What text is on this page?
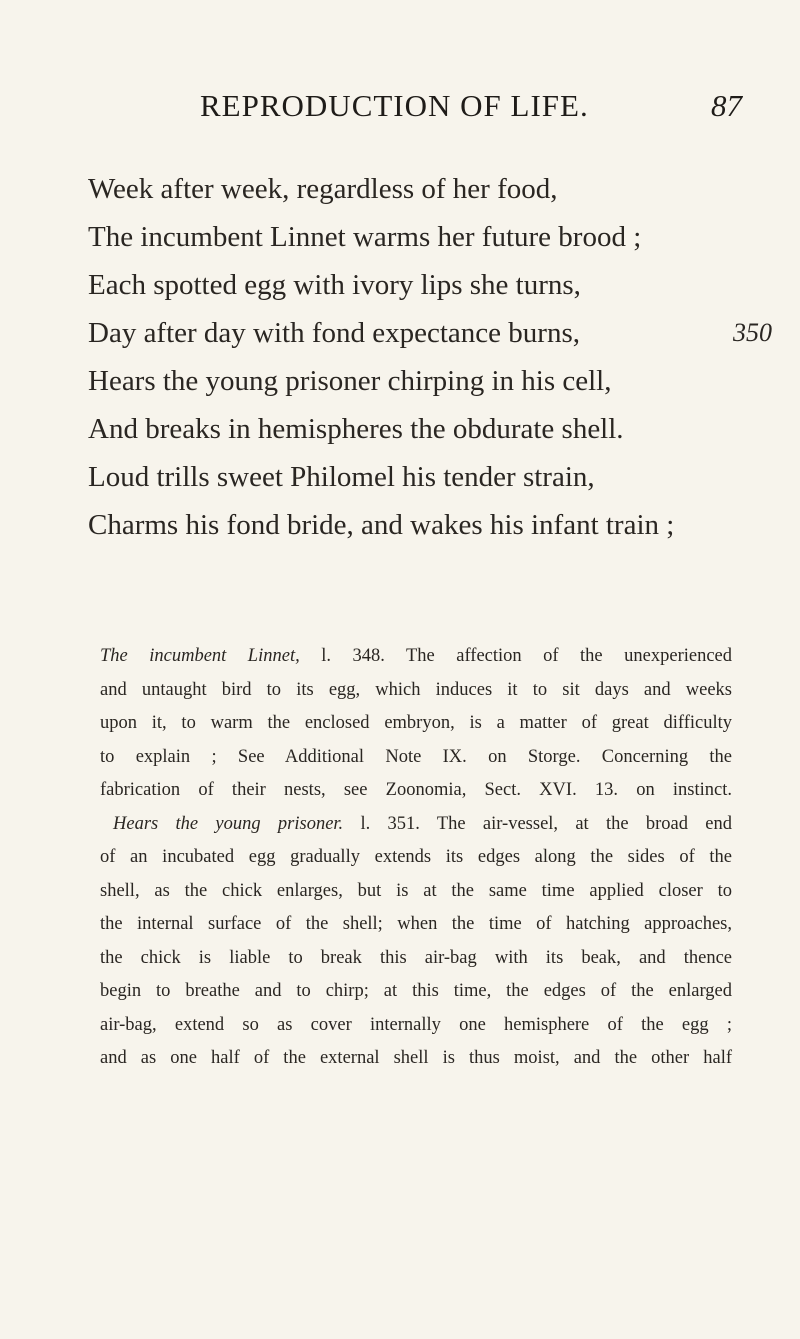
REPRODUCTION OF LIFE.	87
Week after week, regardless of her food,
The incumbent Linnet warms her future brood ;
Each spotted egg with ivory lips she turns,
Day after day with fond expectance burns,	350
Hears the young prisoner chirping in his cell,
And breaks in hemispheres the obdurate shell.
Loud trills sweet Philomel his tender strain,
Charms his fond bride, and wakes his infant train ;
The incumbent Linnet, l. 348. The affection of the unexperienced
and untaught bird to its egg, which induces it to sit days and weeks
upon it, to warm the enclosed embryon, is a matter of great difficulty
to explain ; See Additional Note IX. on Storge. Concerning the
fabrication of their nests, see Zoonomia, Sect. XVI. 13. on instinct.
Hears the young prisoner. l. 351. The air-vessel, at the broad end
of an incubated egg gradually extends its edges along the sides of the
shell, as the chick enlarges, but is at the same time applied closer to
the internal surface of the shell; when the time of hatching approaches,
the chick is liable to break this air-bag with its beak, and thence
begin to breathe and to chirp; at this time, the edges of the enlarged
air-bag, extend so as cover internally one hemisphere of the egg ;
and as one half of the external shell is thus moist, and the other half
